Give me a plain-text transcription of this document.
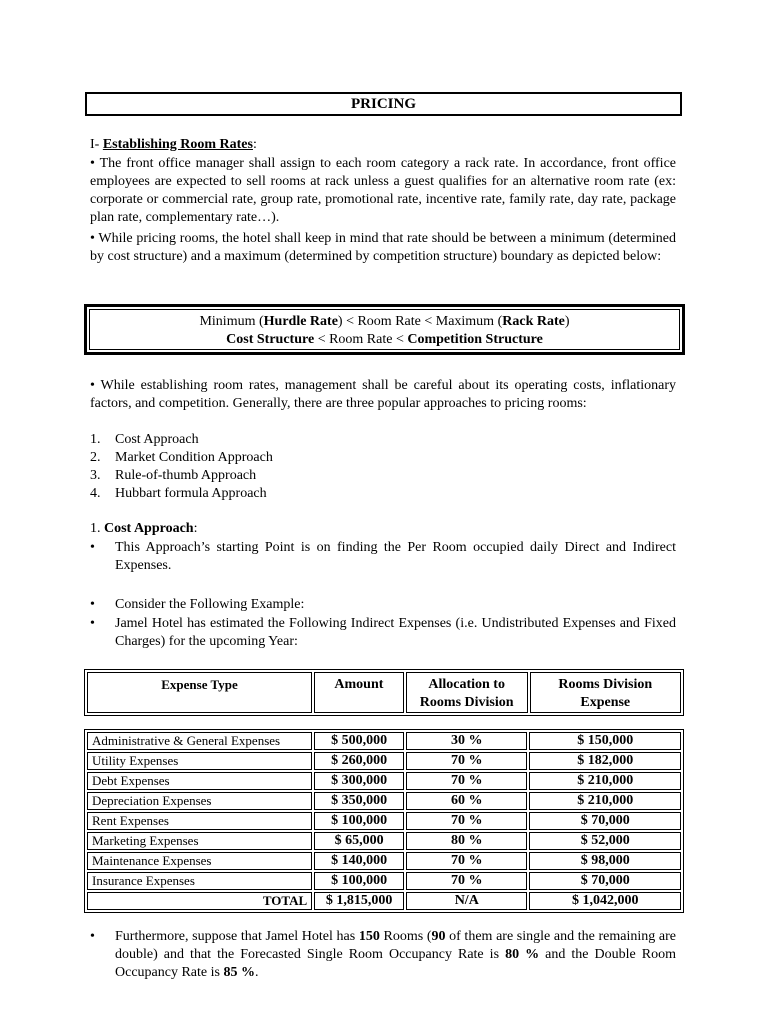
PRICING
I- Establishing Room Rates:
• The front office manager shall assign to each room category a rack rate. In accordance, front office employees are expected to sell rooms at rack unless a guest qualifies for an alternative room rate (ex: corporate or commercial rate, group rate, promotional rate, incentive rate, family rate, day rate, package plan rate, complementary rate…).
• While pricing rooms, the hotel shall keep in mind that rate should be between a minimum (determined by cost structure) and a maximum (determined by competition structure) boundary as depicted below:
Minimum (Hurdle Rate) < Room Rate < Maximum (Rack Rate)
Cost Structure < Room Rate < Competition Structure
• While establishing room rates, management shall be careful about its operating costs, inflationary factors, and competition. Generally, there are three popular approaches to pricing rooms:
1. Cost Approach
2. Market Condition Approach
3. Rule-of-thumb Approach
4. Hubbart formula Approach
1. Cost Approach:
•	This Approach’s starting Point is on finding the Per Room occupied daily Direct and Indirect Expenses.
•	Consider the Following Example:
•	Jamel Hotel has estimated the Following Indirect Expenses (i.e. Undistributed Expenses and Fixed Charges) for the upcoming Year:
Expense Type	Amount	Allocation to Rooms Division	Rooms Division Expense
Administrative & General Expenses	$ 500,000	30 %	$ 150,000
Utility Expenses	$ 260,000	70 %	$ 182,000
Debt Expenses	$ 300,000	70 %	$ 210,000
Depreciation Expenses	$ 350,000	60 %	$ 210,000
Rent Expenses	$ 100,000	70 %	$ 70,000
Marketing Expenses	$ 65,000	80 %	$ 52,000
Maintenance Expenses	$ 140,000	70 %	$ 98,000
Insurance Expenses	$ 100,000	70 %	$ 70,000
TOTAL	$ 1,815,000	N/A	$ 1,042,000
•	Furthermore, suppose that Jamel Hotel has 150 Rooms (90 of them are single and the remaining are double) and that the Forecasted Single Room Occupancy Rate is 80 % and the Double Room Occupancy Rate is 85 %.
